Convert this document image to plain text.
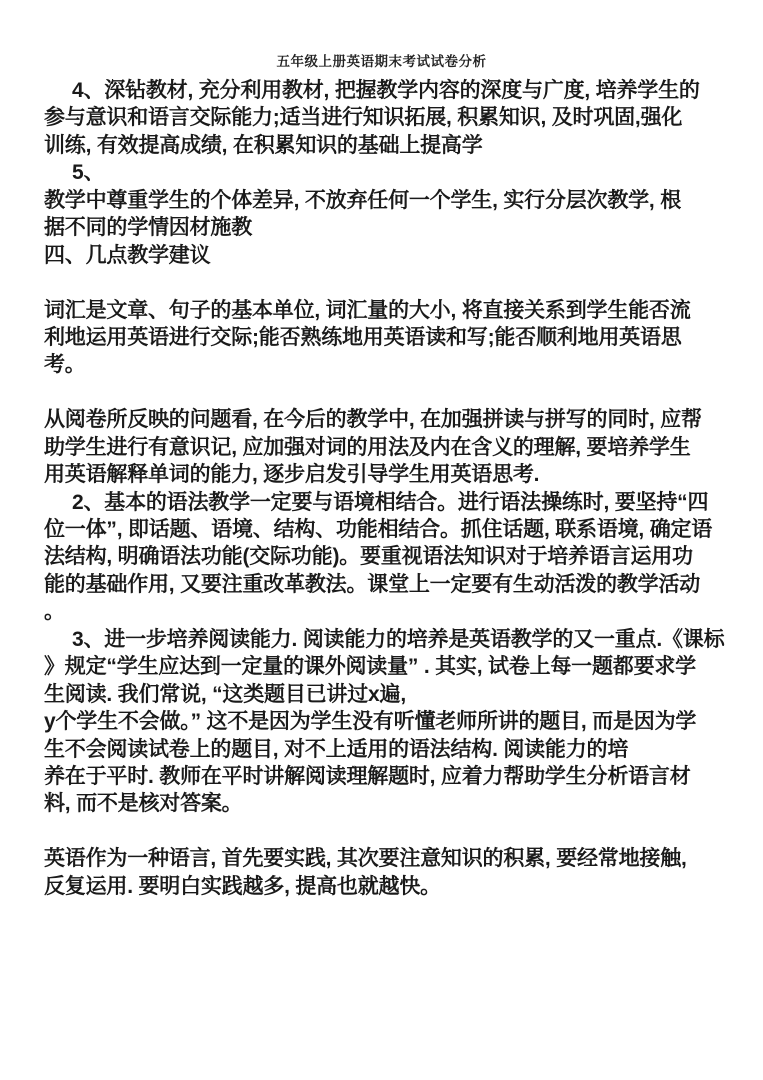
五年级上册英语期末考试试卷分析
4、深钻教材, 充分利用教材, 把握教学内容的深度与广度, 培养学生的
参与意识和语言交际能力;适当进行知识拓展, 积累知识, 及时巩固,强化
训练, 有效提高成绩, 在积累知识的基础上提高学
5、
教学中尊重学生的个体差异, 不放弃任何一个学生, 实行分层次教学, 根
据不同的学情因材施教
四、几点教学建议

词汇是文章、句子的基本单位, 词汇量的大小, 将直接关系到学生能否流
利地运用英语进行交际;能否熟练地用英语读和写;能否顺利地用英语思
考。

从阅卷所反映的问题看, 在今后的教学中, 在加强拼读与拼写的同时, 应帮
助学生进行有意识记, 应加强对词的用法及内在含义的理解, 要培养学生
用英语解释单词的能力, 逐步启发引导学生用英语思考.
2、基本的语法教学一定要与语境相结合。进行语法操练时, 要坚持“四
位一体”, 即话题、语境、结构、功能相结合。抓住话题, 联系语境, 确定语
法结构, 明确语法功能(交际功能)。要重视语法知识对于培养语言运用功
能的基础作用, 又要注重改革教法。课堂上一定要有生动活泼的教学活动
。
3、进一步培养阅读能力. 阅读能力的培养是英语教学的又一重点.《课标
》规定“学生应达到一定量的课外阅读量” . 其实, 试卷上每一题都要求学
生阅读. 我们常说, “这类题目已讲过x遍,
y个学生不会做。” 这不是因为学生没有听懂老师所讲的题目, 而是因为学
生不会阅读试卷上的题目, 对不上适用的语法结构. 阅读能力的培
养在于平时. 教师在平时讲解阅读理解题时, 应着力帮助学生分析语言材
料, 而不是核对答案。

英语作为一种语言, 首先要实践, 其次要注意知识的积累, 要经常地接触,
反复运用. 要明白实践越多, 提高也就越快。
